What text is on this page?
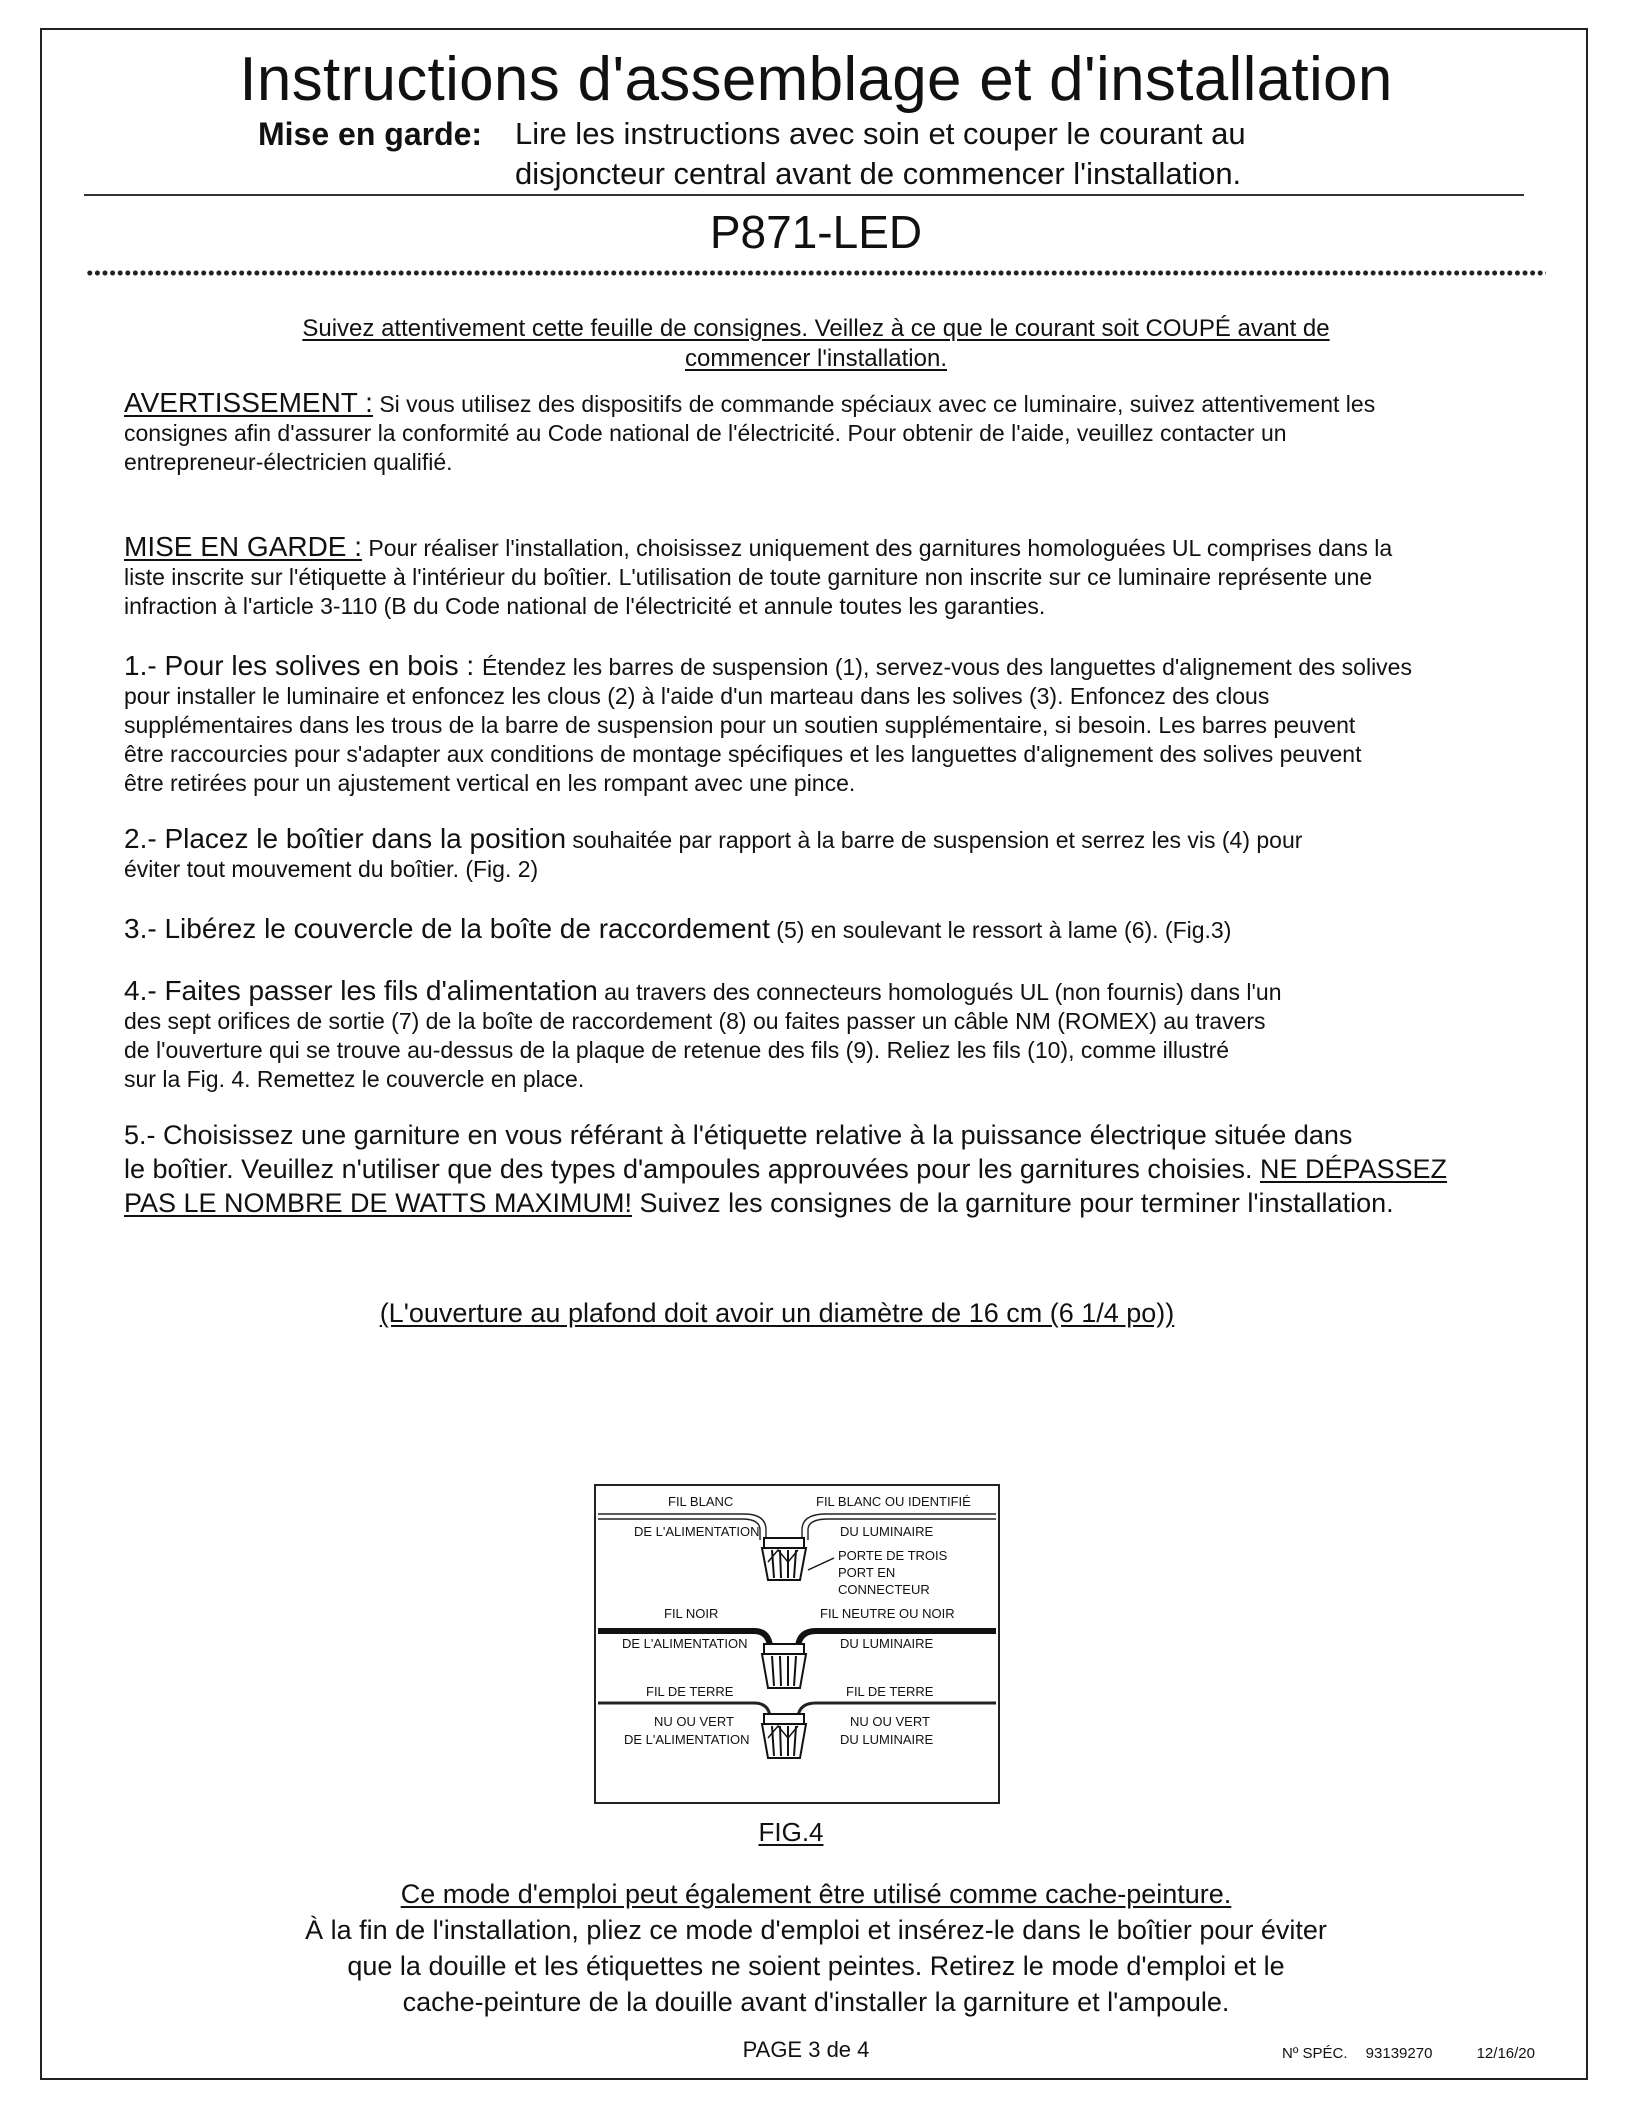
Instructions d'assemblage et d'installation
Mise en garde: Lire les instructions avec soin et couper le courant au
disjoncteur central avant de commencer l'installation.
P871-LED
Suivez attentivement cette feuille de consignes. Veillez à ce que le courant soit COUPÉ avant de
commencer l'installation.
AVERTISSEMENT : Si vous utilisez des dispositifs de commande spéciaux avec ce luminaire, suivez attentivement les
consignes afin d'assurer la conformité au Code national de l'électricité. Pour obtenir de l'aide, veuillez contacter un
entrepreneur-électricien qualifié.
MISE EN GARDE : Pour réaliser l'installation, choisissez uniquement des garnitures homologuées UL comprises dans la
liste inscrite sur l'étiquette à l'intérieur du boîtier. L'utilisation de toute garniture non inscrite sur ce luminaire représente une
infraction à l'article 3-110 (B du Code national de l'électricité et annule toutes les garanties.
1.- Pour les solives en bois : Étendez les barres de suspension (1), servez-vous des languettes d'alignement des solives
pour installer le luminaire et enfoncez les clous (2) à l'aide d'un marteau dans les solives (3). Enfoncez des clous
supplémentaires dans les trous de la barre de suspension pour un soutien supplémentaire, si besoin. Les barres peuvent
être raccourcies pour s'adapter aux conditions de montage spécifiques et les languettes d'alignement des solives peuvent
être retirées pour un ajustement vertical en les rompant avec une pince.
2.- Placez le boîtier dans la position souhaitée par rapport à la barre de suspension et serrez les vis (4) pour
éviter tout mouvement du boîtier. (Fig. 2)
3.- Libérez le couvercle de la boîte de raccordement (5) en soulevant le ressort à lame (6). (Fig.3)
4.- Faites passer les fils d'alimentation au travers des connecteurs homologués UL (non fournis) dans l'un
des sept orifices de sortie (7) de la boîte de raccordement (8) ou faites passer un câble NM (ROMEX) au travers
de l'ouverture qui se trouve au-dessus de la plaque de retenue des fils (9). Reliez les fils (10), comme illustré
sur la Fig. 4. Remettez le couvercle en place.
5.- Choisissez une garniture en vous référant à l'étiquette relative à la puissance électrique située dans
le boîtier. Veuillez n'utiliser que des types d'ampoules approuvées pour les garnitures choisies. NE DÉPASSEZ
PAS LE NOMBRE DE WATTS MAXIMUM! Suivez les consignes de la garniture pour terminer l'installation.
(L'ouverture au plafond doit avoir un diamètre de 16 cm (6 1/4 po))
FIL BLANC
DE L'ALIMENTATION
FIL BLANC OU IDENTIFIÉ
DU LUMINAIRE
PORTE DE TROIS
PORT EN
CONNECTEUR
FIL NOIR
DE L'ALIMENTATION
FIL NEUTRE OU NOIR
DU LUMINAIRE
FIL DE TERRE
NU OU VERT
DE L'ALIMENTATION
FIL DE TERRE
NU OU VERT
DU LUMINAIRE
FIG.4
Ce mode d'emploi peut également être utilisé comme cache-peinture.
À la fin de l'installation, pliez ce mode d'emploi et insérez-le dans le boîtier pour éviter
que la douille et les étiquettes ne soient peintes. Retirez le mode d'emploi et le
cache-peinture de la douille avant d'installer la garniture et l'ampoule.
PAGE 3 de 4	Nº SPÉC. 93139270	12/16/20
